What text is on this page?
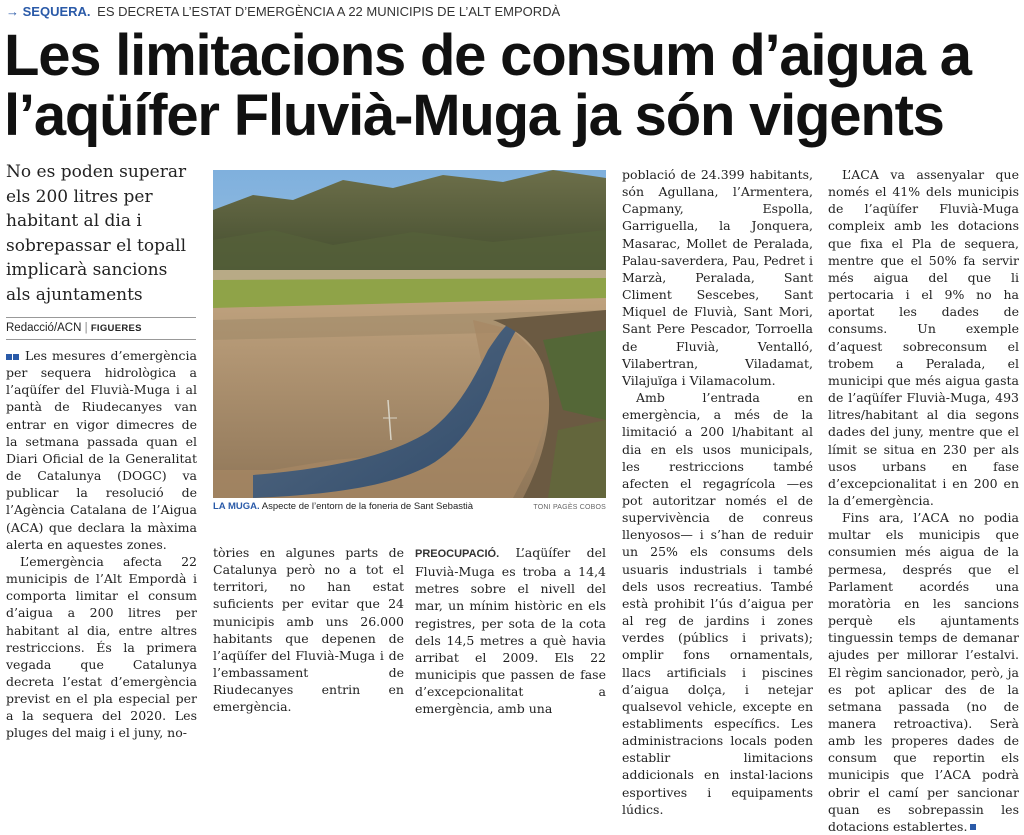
→ SEQUERA. ES DECRETA L’ESTAT D’EMERGÈNCIA A 22 MUNICIPIS DE L’ALT EMPORDÀ
Les limitacions de consum d’aigua a
l’aqüífer Fluvià-Muga ja són vigents
No es poden superar els 200 litres per habitant al dia i sobrepassar el topall implicarà sancions als ajuntaments
Redacció/ACN | FIGUERES

Les mesures d’emergència per sequera hidrològica a l’aqüífer del Fluvià-Muga i al pantà de Riudecanyes van entrar en vigor dimecres de la setmana passada quan el Diari Oficial de la Generalitat de Catalunya (DOGC) va publicar la resolució de l’Agència Catalana de l’Aigua (ACA) que declara la màxima alerta en aquestes zones.

L’emergència afecta 22 municipis de l’Alt Empordà i comporta limitar el consum d’aigua a 200 litres per habitant al dia, entre altres restriccions. És la primera vegada que Catalunya decreta l’estat d’emergència previst en el pla especial per a la sequera del 2020. Les pluges del maig i el juny, no-

LA MUGA. Aspecte de l’entorn de la foneria de Sant Sebastià	TONI PAGÈS COBOS

tòries en algunes parts de Catalunya però no a tot el territori, no han estat suficients per evitar que 24 municipis amb uns 26.000 habitants que depenen de l’aqüífer del Fluvià-Muga i de l’embassament de Riudecanyes entrin en emergència.

PREOCUPACIÓ. L’aqüífer del Fluvià-Muga es troba a 14,4 metres sobre el nivell del mar, un mínim històric en els registres, per sota de la cota dels 14,5 metres a què havia arribat el 2009. Els 22 municipis que passen de fase d’excepcionalitat a emergència, amb una

població de 24.399 habitants, són Agullana, l’Armentera, Capmany, Espolla, Garriguella, la Jonquera, Masarac, Mollet de Peralada, Palau-saverdera, Pau, Pedret i Marzà, Peralada, Sant Climent Sescebes, Sant Miquel de Fluvià, Sant Mori, Sant Pere Pescador, Torroella de Fluvià, Ventalló, Vilabertran, Viladamat, Vilajuïga i Vilamacolum.

Amb l’entrada en emergència, a més de la limitació a 200 l/habitant al dia en els usos municipals, les restriccions també afecten el regagrícola —es pot autoritzar només el de supervivència de conreus llenyosos— i s’han de reduir un 25% els consums dels usuaris industrials i també dels usos recreatius. També està prohibit l’ús d’aigua per al reg de jardins i zones verdes (públics i privats); omplir fons ornamentals, llacs artificials i piscines d’aigua dolça, i netejar qualsevol vehicle, excepte en establiments específics. Les administracions locals poden establir limitacions addicionals en instal·lacions esportives i equipaments lúdics.

L’ACA va assenyalar que només el 41% dels municipis de l’aqüífer Fluvià-Muga compleix amb les dotacions que fixa el Pla de sequera, mentre que el 50% fa servir més aigua del que li pertocaria i el 9% no ha aportat les dades de consums. Un exemple d’aquest sobreconsum el trobem a Peralada, el municipi que més aigua gasta de l’aqüífer Fluvià-Muga, 493 litres/habitant al dia segons dades del juny, mentre que el límit se situa en 230 per als usos urbans en fase d’excepcionalitat i en 200 en la d’emergència.

Fins ara, l’ACA no podia multar els municipis que consumien més aigua de la permesa, després que el Parlament acordés una moratòria en les sancions perquè els ajuntaments tinguessin temps de demanar ajudes per millorar l’estalvi. El règim sancionador, però, ja es pot aplicar des de la setmana passada (no de manera retroactiva). Serà amb les properes dades de consum que reportin els municipis que l’ACA podrà obrir el camí per sancionar quan es sobrepassin les dotacions establertes.
